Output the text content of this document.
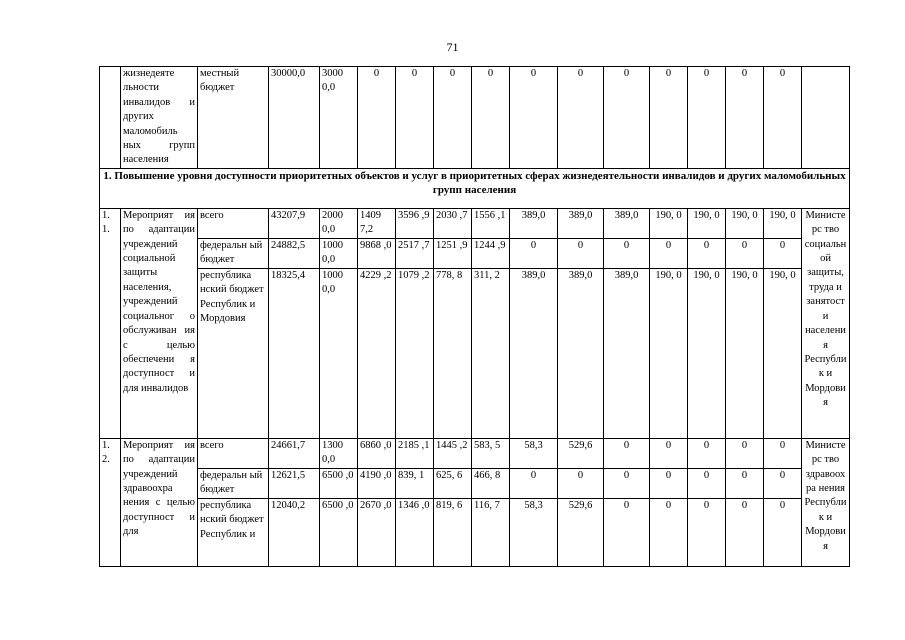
71
	жизнедеяте льности инвалидов и других маломобиль ных групп населения	местный бюджет	30000,0	3000 0,0	0	0	0	0	0	0	0	0	0	0	0	
1. Повышение уровня доступности приоритетных объектов и услуг в приоритетных сферах жизнедеятельности инвалидов и других маломобильных групп населения																
1. 1.	Мероприят ия по адаптации учреждений социальной защиты населения, учреждений социальног о обслуживан ия с целью обеспечени я доступност и для инвалидов	всего	43207,9	2000 0,0	1409 7,2	3596 ,9	2030 ,7	1556 ,1	389,0	389,0	389,0	190, 0	190, 0	190, 0	190, 0	Министерс тво социальной защиты, труда и занятости населения Республик и Мордовия
		федеральн ый бюджет	24882,5	1000 0,0	9868 ,0	2517 ,7	1251 ,9	1244 ,9	0	0	0	0	0	0	0	
		республика нский бюджет Республик и Мордовия	18325,4	1000 0,0	4229 ,2	1079 ,2	778, 8	311, 2	389,0	389,0	389,0	190, 0	190, 0	190, 0	190, 0	
1. 2.	Мероприят ия по адаптации учреждений здравоохра нения с целью доступност и для	всего	24661,7	1300 0,0	6860 ,0	2185 ,1	1445 ,2	583, 5	58,3	529,6	0	0	0	0	0	Министерс тво здравоохра нения Республик и Мордовия
		федеральн ый бюджет	12621,5	6500 ,0	4190 ,0	839, 1	625, 6	466, 8	0	0	0	0	0	0	0	
		республика нский бюджет Республик и	12040,2	6500 ,0	2670 ,0	1346 ,0	819, 6	116, 7	58,3	529,6	0	0	0	0	0	
